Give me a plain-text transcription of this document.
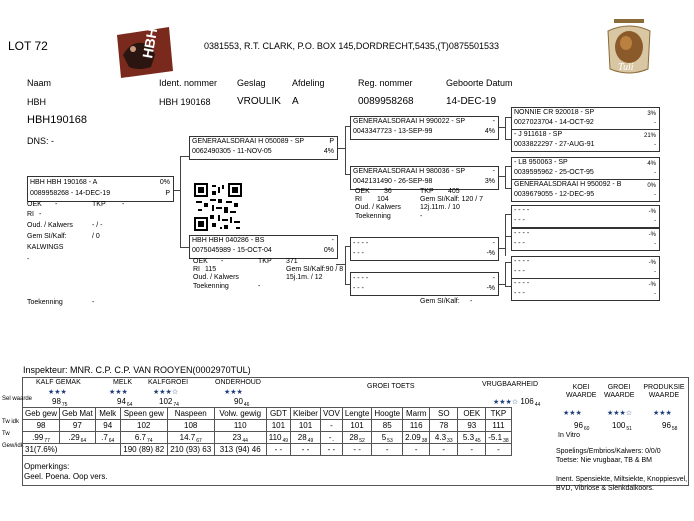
LOT 72	HBH	0381553, R.T. CLARK, P.O. BOX 145,DORDRECHT,5435,(T)0875501533
Tuli
Naam	Ident. nommer Geslag	Afdeling	Reg. nommer	Geboorte Datum
HBH	HBH 190168	VROULIK A	0089958268	14-DEC-19
HBH190168
DNS: -
HBH HBH 190168 - A	0%
0089958268 - 14-DEC-19	P
OEK -	TKP -
RI -
Oud. / Kalwers	- / -
Gem SI/Kalf:	/ 0
KALWINGS
-
GENERAALSDRAAI H 050089 - SP	P
0062490305 - 11-NOV-05	4%
HBH HBH 040286 - BS	-
0075045989 - 15-OCT-04	0%
OEK -	TKP 371
RI 115	Gem SI/Kalf:90 / 8
Oud. / Kalwers	15j.1m. / 12
Toekenning	-
GENERAALSDRAAI H 990022 - SP	-
0043347723 - 13-SEP-99	4%
GENERAALSDRAAI H 980036 - SP	-
0042131490 - 26-SEP-98	3%
OEK 36	TKP 405
RI 104	Gem SI/Kalf: 120 / 7
Oud. / Kalwers	12j.11m. / 10
Toekenning	-
- - - -	-
- - -	-%
- - - -	-
- - -	-%
Gem SI/Kalf: -
NONNIE CR 920018 - SP	3%
0027023704 - 14-OCT-92	-
- J 911618 - SP	21%
0033822297 - 27-AUG-91	-
- LB 950063 - SP	4%
0039595962 - 25-OCT-95	-
GENERAALSDRAAI H 950092 - B	0%
0039679055 - 12-DEC-95	-
- - - -	-%
- - -	-
- - - -	-%
- - -	-
- - - -	-%
- - -	-
- - - -	-%
- - -	-
Toekenning	-
Inspekteur: MNR. C.P. C.P. VAN ROOYEN(0002970TUL)
Sel waarde
Tw idk
Tw
Gew/idk
KALF GEMAK
★★★
$98_{75}$
MELK
★★★
$94_{64}$
KALFGROEI
★★★☆
$102_{74}$
ONDERHOUD
★★★
$90_{46}$
GROEI TOETS	VRUGBAARHEID
★★★☆ $106_{44}$
KOEI WAARDE
GROEI WAARDE
PRODUKSIE WAARDE
★★★	★★★☆	★★★
$96_{60}$	$100_{51}$	$96_{58}$
Geb gew	Geb Mat	Melk	Speen gew	Naspeen	Volw. gewig	GDT	Kleiber	VOV	Lengte	Hoogte	Marm	SO	OEK	TKP
98	97	94	102	108	110	101	101	-	101	85	116	78	93	111
$.99_{77}$	$.29_{64}$	$.7_{64}$	$6.7_{74}$	$14.7_{67}$	$23_{44}$	$110_{49}$	$28_{49}$	$-_-$	$28_{52}$	$5_{53}$	$2.09_{38}$	$4.3_{33}$	$5.3_{45}$	$-5.1_{38}$
31(7.6%)			190 (89) 82	210 (93) 63	313 (94) 46	- -	- -	- -	- -	-	-	-	-	-
In Vitro
Spoelings/Embrios/Kalwers: 0/0/0
Toetse: Nie vrugbaar, TB & BM
Inent. Spensiekte, Miltsiekte, Knoppiesvel,
BVD, Vibriose & Slenkdalkoors.
Opmerkings:
Geel. Poena. Oop vers.
